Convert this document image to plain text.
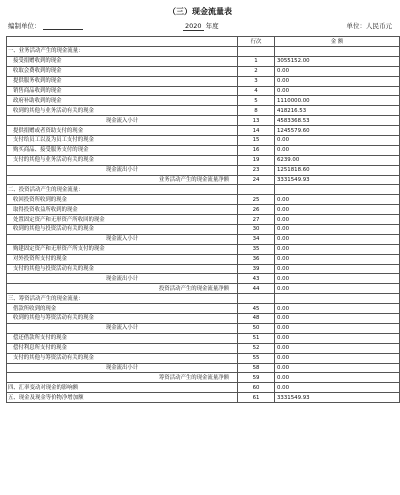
（三）现金流量表
编制单位：	2020 年度	单位：人民币元
	行次	金 额
一、业务活动产生的现金流量：		
接受捐赠收到的现金	1	3055152.00
收取会费收到的现金	2	0.00
提供服务收到的现金	3	0.00
销售商品收到的现金	4	0.00
政府补助收到的现金	5	1110000.00
收到的其他与业务活动有关的现金	8	418216.53
现金流入小计	13	4583368.53
提供捐赠或者资助支付的现金	14	1245579.60
支付给员工以及为员工支付的现金	15	0.00
购买商品、接受服务支付的现金	16	0.00
支付的其他与业务活动有关的现金	19	6239.00
现金流出小计	23	1251818.60
业务活动产生的现金流量净额	24	3331549.93
二、投资活动产生的现金流量：		
收回投资所收到的现金	25	0.00
取得投资收益所收到的现金	26	0.00
处置固定资产和无形资产所收回的现金	27	0.00
收到的其他与投资活动有关的现金	30	0.00
现金流入小计	34	0.00
购建固定资产和无形资产所支付的现金	35	0.00
对外投资所支付的现金	36	0.00
支付的其他与投资活动有关的现金	39	0.00
现金流出小计	43	0.00
投资活动产生的现金流量净额	44	0.00
三、筹资活动产生的现金流量：		
借款所收到的现金	45	0.00
收到的其他与筹资活动有关的现金	48	0.00
现金流入小计	50	0.00
偿还借款所支付的现金	51	0.00
偿付利息所支付的现金	52	0.00
支付的其他与筹资活动有关的现金	55	0.00
现金流出小计	58	0.00
筹资活动产生的现金流量净额	59	0.00
四、汇率变动对现金的影响额	60	0.00
五、现金及现金等价物净增加额	61	3331549.93
